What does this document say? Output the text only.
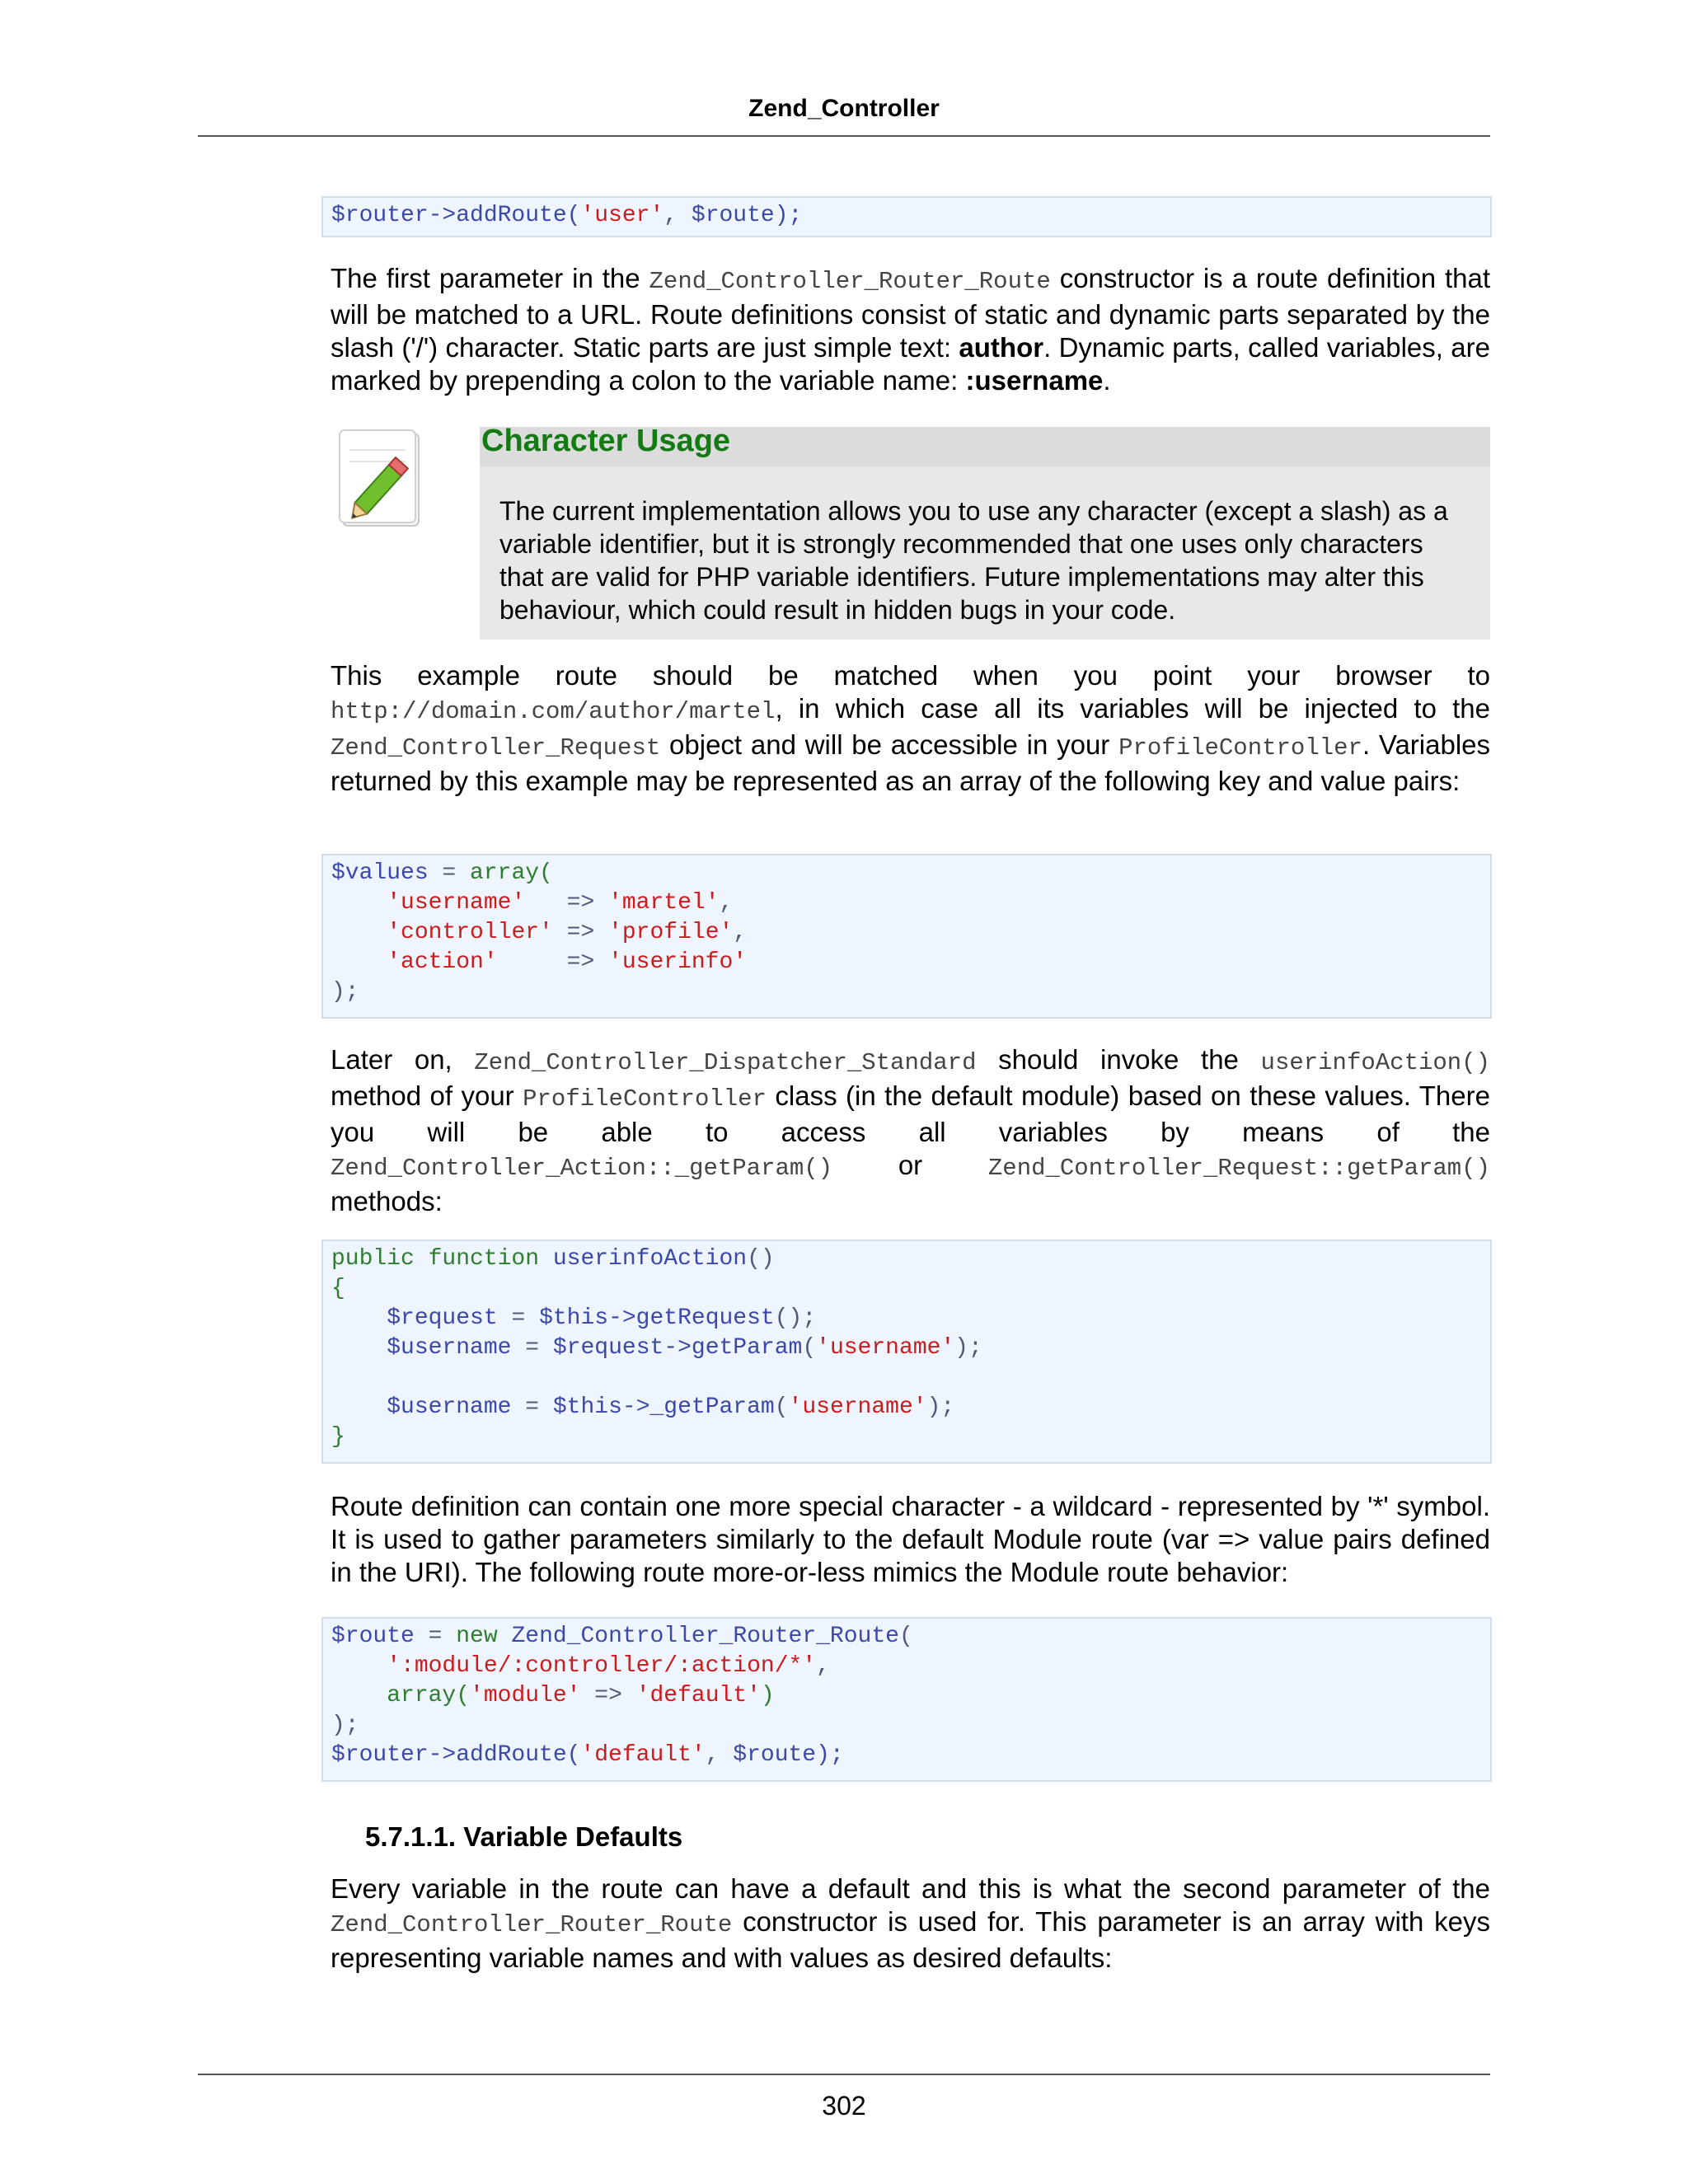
Zend_Controller
$router->addRoute('user', $route);
The first parameter in the Zend_Controller_Router_Route constructor is a route definition that will be matched to a URL. Route definitions consist of static and dynamic parts separated by the slash ('/') character. Static parts are just simple text: author. Dynamic parts, called variables, are marked by prepending a colon to the variable name: :username.
Character Usage
The current implementation allows you to use any character (except a slash) as a variable identifier, but it is strongly recommended that one uses only characters that are valid for PHP variable identifiers. Future implementations may alter this behaviour, which could result in hidden bugs in your code.
This example route should be matched when you point your browser to http://domain.com/author/martel, in which case all its variables will be injected to the Zend_Controller_Request object and will be accessible in your ProfileController. Variables returned by this example may be represented as an array of the following key and value pairs:
$values = array(
'username'   => 'martel',
'controller' => 'profile',
'action'     => 'userinfo'
);
Later on, Zend_Controller_Dispatcher_Standard should invoke the userinfoAction() method of your ProfileController class (in the default module) based on these values. There you will be able to access all variables by means of the Zend_Controller_Action::_getParam() or Zend_Controller_Request::getParam() methods:
public function userinfoAction()
{
$request = $this->getRequest();
$username = $request->getParam('username');

$username = $this->_getParam('username');
}
Route definition can contain one more special character - a wildcard - represented by '*' symbol. It is used to gather parameters similarly to the default Module route (var => value pairs defined in the URI). The following route more-or-less mimics the Module route behavior:
$route = new Zend_Controller_Router_Route(
':module/:controller/:action/*',
array('module' => 'default')
);
$router->addRoute('default', $route);
5.7.1.1. Variable Defaults
Every variable in the route can have a default and this is what the second parameter of the Zend_Controller_Router_Route constructor is used for. This parameter is an array with keys representing variable names and with values as desired defaults:
302
